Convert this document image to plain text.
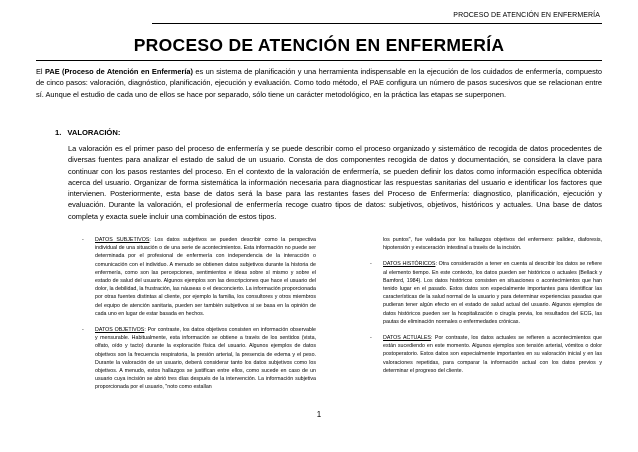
PROCESO DE ATENCIÓN EN ENFERMERÍA
PROCESO DE ATENCIÓN EN ENFERMERÍA

El PAE (Proceso de Atención en Enfermería) es un sistema de planificación y una herramienta indispensable en la ejecución de los cuidados de enfermería, compuesto de cinco pasos: valoración, diagnóstico, planificación, ejecución y evaluación. Como todo método, el PAE configura un número de pasos sucesivos que se relacionan entre sí. Aunque el estudio de cada uno de ellos se hace por separado, sólo tiene un carácter metodológico, en la práctica las etapas se superponen.

1. VALORACIÓN:

La valoración es el primer paso del proceso de enfermería y se puede describir como el proceso organizado y sistemático de recogida de datos procedentes de diversas fuentes para analizar el estado de salud de un usuario. Consta de dos componentes recogida de datos y documentación, se considera la clave para continuar con los pasos restantes del proceso. En el contexto de la valoración de enfermería, se pueden definir los datos como información específica obtenida acerca del usuario. Organizar de forma sistemática la información necesaria para diagnosticar las respuestas sanitarias del usuario e identificar los factores que intervienen. Posteriormente, esta base de datos será la base para las restantes fases del Proceso de Enfermería: diagnostico, planificación, ejecución y evaluación. Durante la valoración, el profesional de enfermería recoge cuatro tipos de datos: subjetivos, objetivos, históricos y actuales. Una base de datos completa y exacta suele incluir una combinación de estos tipos.

- DATOS SUBJETIVOS: Los datos subjetivos se pueden describir como la perspectiva individual de una situación o de una serie de acontecimientos. Esta información no puede ser determinada por el profesional de enfermería con independencia de la interacción o comunicación con el individuo. A menudo se obtienen datos subjetivos durante la historia de enfermería, como son las percepciones, sentimientos e ideas sobre sí mismo y sobre el estado de salud del usuario. Algunos ejemplos son las descripciones que hace el usuario del dolor, la debilidad, la frustración, las náuseas o el desconcierto. La información proporcionada por otras fuentes distintas al cliente, por ejemplo la familia, los consultores y otros miembros del equipo de atención sanitaria, pueden ser también subjetivos si se basa en la opinión de cada uno en lugar de estar basada en hechos.
- DATOS OBJETIVOS: Por contraste, los datos objetivos consisten en información observable y mensurable. Habitualmente, esta información se obtiene a través de los sentidos (vista, olfato, oído y tacto) durante la exploración física del usuario. Algunos ejemplos de datos objetivos son la frecuencia respiratoria, la presión arterial, la presencia de edema y el peso. Durante la valoración de un usuario, deberá considerar tanto los datos subjetivos como los objetivos. A menudo, estos hallazgos se justifican entre ellos, como sucede en caso de un usuario cuya incisión se abrió tres días después de la intervención. La información subjetiva proporcionada por el usuario, "noto como estallan
los puntos", fue validada por los hallazgos objetivos del enfermero: palidez, diaforesis, hipotensión y evisceración intestinal a través de la incisión.
- DATOS HISTÓRICOS: Otra consideración a tener en cuenta al describir los datos se refiere al elemento tiempo. En este contexto, los datos pueden ser históricos o actuales (Bellack y Bamford, 1984). Los datos históricos consisten en situaciones o acontecimientos que han tenido lugar en el pasado. Estos datos son especialmente importantes para identificar las características de la salud normal de la usuario y para determinar experiencias pasadas que pudieran tener algún efecto en el estado de salud actual del usuario. Algunos ejemplos de datos históricos pueden ser la hospitalización o cirugía previa, los resultados del ECG, las pautas de eliminación normales o enfermedades crónicas.
- DATOS ACTUALES: Por contraste, los datos actuales se refieren a acontecimientos que están sucediendo en este momento. Algunos ejemplos son tensión arterial, vómitos o dolor postoperatorio. Estos datos son especialmente importantes en su valoración inicial y en las valoraciones repetidas, para comparar la información actual con los datos previos y determinar el progreso del cliente.
1
